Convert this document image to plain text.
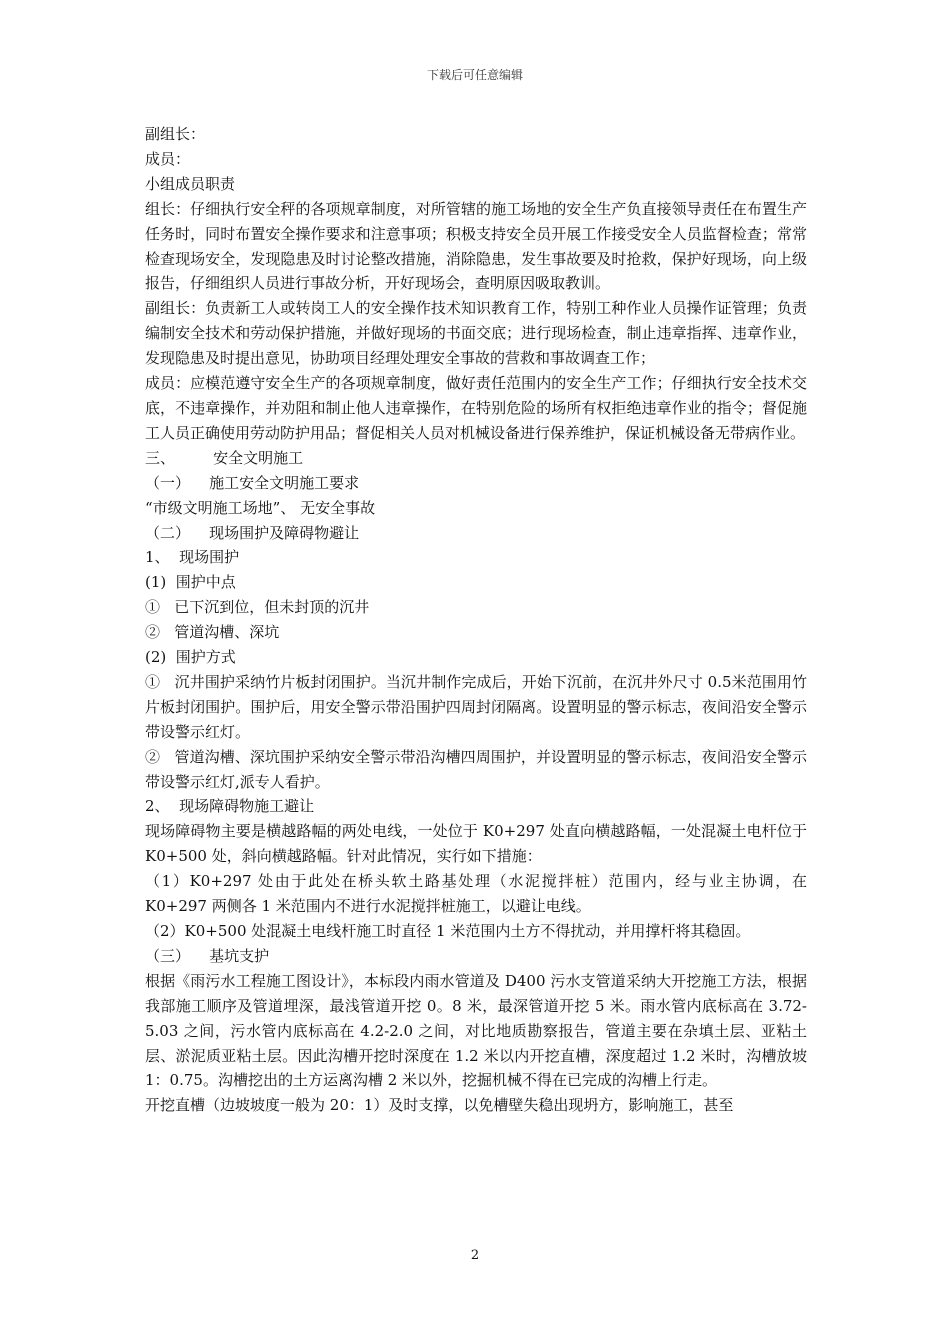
下载后可任意编辑

副组长：

成员：

小组成员职责

组长：仔细执行安全秤的各项规章制度，对所管辖的施工场地的安全生产负直接领导责任在布置生产任务时，同时布置安全操作要求和注意事项；积极支持安全员开展工作接受安全人员监督检查；常常检查现场安全，发现隐患及时讨论整改措施，消除隐患，发生事故要及时抢救，保护好现场，向上级报告，仔细组织人员进行事故分析，开好现场会，查明原因吸取教训。

副组长：负责新工人或转岗工人的安全操作技术知识教育工作，特别工种作业人员操作证管理；负责编制安全技术和劳动保护措施，并做好现场的书面交底；进行现场检查，制止违章指挥、违章作业，发现隐患及时提出意见，协助项目经理处理安全事故的营救和事故调查工作；

成员：应模范遵守安全生产的各项规章制度，做好责任范围内的安全生产工作；仔细执行安全技术交底，不违章操作，并劝阻和制止他人违章操作，在特别危险的场所有权拒绝违章作业的指令；督促施工人员正确使用劳动防护用品；督促相关人员对机械设备进行保养维护，保证机械设备无带病作业。

三、        安全文明施工

（一）    施工安全文明施工要求

“市级文明施工场地”、 无安全事故

（二）    现场围护及障碍物避让

1、  现场围护

(1)  围护中点

①   已下沉到位，但未封顶的沉井

②   管道沟槽、深坑

(2)  围护方式

①   沉井围护采纳竹片板封闭围护。当沉井制作完成后，开始下沉前，在沉井外尺寸 0.5米范围用竹片板封闭围护。围护后，用安全警示带沿围护四周封闭隔离。设置明显的警示标志，夜间沿安全警示带设警示红灯。

②   管道沟槽、深坑围护采纳安全警示带沿沟槽四周围护，并设置明显的警示标志，夜间沿安全警示带设警示红灯,派专人看护。

2、  现场障碍物施工避让

现场障碍物主要是横越路幅的两处电线，一处位于 K0+297 处直向横越路幅，一处混凝土电杆位于 K0+500 处，斜向横越路幅。针对此情况，实行如下措施：

（1）K0+297 处由于此处在桥头软土路基处理（水泥搅拌桩）范围内，经与业主协调，在K0+297 两侧各 1 米范围内不进行水泥搅拌桩施工，以避让电线。

（2）K0+500 处混凝土电线杆施工时直径 1 米范围内土方不得扰动，并用撑杆将其稳固。

（三）    基坑支护

根据《雨污水工程施工图设计》，本标段内雨水管道及 D400 污水支管道采纳大开挖施工方法，根据我部施工顺序及管道埋深，最浅管道开挖 0。8 米，最深管道开挖 5 米。雨水管内底标高在 3.72-5.03 之间，污水管内底标高在 4.2-2.0 之间，对比地质勘察报告，管道主要在杂填土层、亚粘土层、淤泥质亚粘土层。因此沟槽开挖时深度在 1.2 米以内开挖直槽，深度超过 1.2 米时，沟槽放坡 1：0.75。沟槽挖出的土方运离沟槽 2 米以外，挖掘机械不得在已完成的沟槽上行走。

开挖直槽（边坡坡度一般为 20：1）及时支撑，以免槽壁失稳出现坍方，影响施工，甚至

2
